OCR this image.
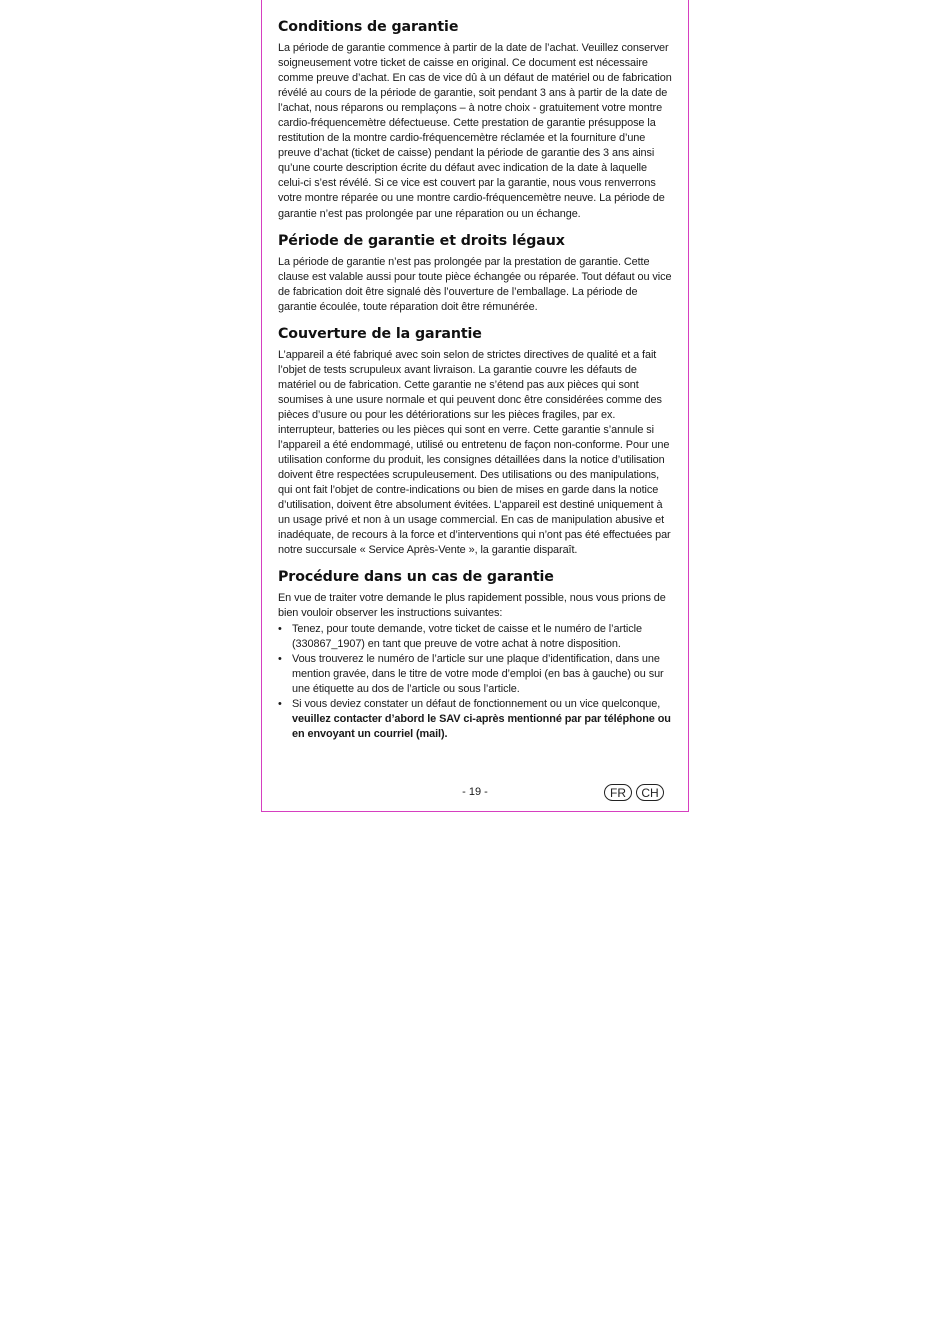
Conditions de garantie

La période de garantie commence à partir de la date de l’achat. Veuillez conserver soigneusement votre ticket de caisse en original. Ce document est nécessaire comme preuve d’achat. En cas de vice dû à un défaut de matériel ou de fabrication révélé au cours de la période de garantie, soit pendant 3 ans à partir de la date de l’achat, nous réparons ou remplaçons – à notre choix - gratuitement votre montre cardio-fréquencemètre défectueuse. Cette prestation de garantie présuppose la restitution de la montre cardio-fréquencemètre réclamée et la fourniture d’une preuve d’achat (ticket de caisse) pendant la période de garantie des 3 ans ainsi qu’une courte description écrite du défaut avec indication de la date à laquelle celui-ci s’est révélé. Si ce vice est couvert par la garantie, nous vous renverrons votre montre réparée ou une montre cardio-fréquencemètre neuve. La période de garantie n’est pas prolongée par une réparation ou un échange.

Période de garantie et droits légaux

La période de garantie n’est pas prolongée par la prestation de garantie. Cette clause est valable aussi pour toute pièce échangée ou réparée. Tout défaut ou vice de fabrication doit être signalé dès l’ouverture de l’emballage. La période de garantie écoulée, toute réparation doit être rémunérée.

Couverture de la garantie

L’appareil a été fabriqué avec soin selon de strictes directives de qualité et a fait l’objet de tests scrupuleux avant livraison. La garantie couvre les défauts de matériel ou de fabrication. Cette garantie ne s’étend pas aux pièces qui sont soumises à une usure normale et qui peuvent donc être considérées comme des pièces d’usure ou pour les détériorations sur les pièces fragiles, par ex. interrupteur, batteries ou les pièces qui sont en verre. Cette garantie s’annule si l’appareil a été endommagé, utilisé ou entretenu de façon non-conforme. Pour une utilisation conforme du produit, les consignes détaillées dans la notice d’utilisation doivent être respectées scrupuleusement. Des utilisations ou des manipulations, qui ont fait l’objet de contre-indications ou bien de mises en garde dans la notice d’utilisation, doivent être absolument évitées. L’appareil est destiné uniquement à un usage privé et non à un usage commercial. En cas de manipulation abusive et inadéquate, de recours à la force et d’interventions qui n’ont pas été effectuées par notre succursale « Service Après-Vente », la garantie disparaît.

Procédure dans un cas de garantie

En vue de traiter votre demande le plus rapidement possible, nous vous prions de bien vouloir observer les instructions suivantes:

• Tenez, pour toute demande, votre ticket de caisse et le numéro de l’article (330867_1907) en tant que preuve de votre achat à notre disposition.
• Vous trouverez le numéro de l’article sur une plaque d’identification, dans une mention gravée, dans le titre de votre mode d’emploi (en bas à gauche) ou sur une étiquette au dos de l’article ou sous l’article.
• Si vous deviez constater un défaut de fonctionnement ou un vice quelconque, veuillez contacter d’abord le SAV ci-après mentionné par par téléphone ou en envoyant un courriel (mail).
- 19 -	FR	CH
